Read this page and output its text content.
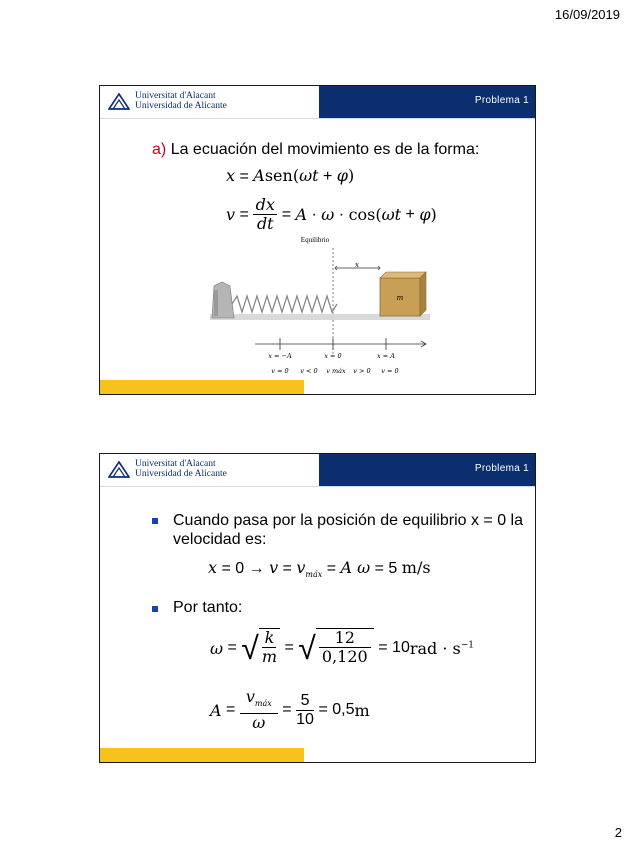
16/09/2019
Universitat d'Alacant
Universidad de Alicante	Problema 1
a) La ecuación del movimiento es de la forma:
x = Asen(ωt + φ)
v = dx
dt = A · ω · cos( ωt + φ )
Equilibrio
x
m
x = −A	x = 0	x = A
v = 0 v < 0 v máx v > 0 v = 0
Universitat d'Alacant
Universidad de Alicante	Problema 1
Cuando pasa por la posición de equilibrio x = 0 la velocidad es:
$x = 0 \to v = v_{máx} = A$ ω = 5 m/s
Por tanto:
ω = √ k
m = √ 12
0,120 = 10 rad · $s^{-1}$
A =
$v_{máx}$
ω
=
5
10
= 0,5 m
2
